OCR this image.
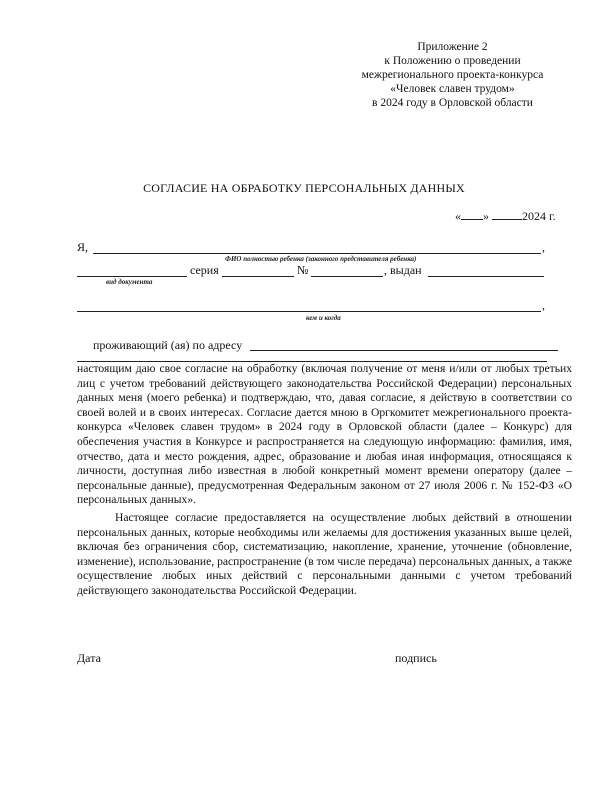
Приложение 2
к Положению о проведении
межрегионального проекта-конкурса
«Человек славен трудом»
в 2024 году в Орловской области
СОГЛАСИЕ НА ОБРАБОТКУ ПЕРСОНАЛЬНЫХ ДАННЫХ
« »	2024 г.
Я,	,
ФИО полностью ребенка (законного представителя ребенка)
серия	№	, выдан
вид документа
,
кем и когда
проживающий (ая) по адресу

настоящим даю свое согласие на обработку (включая получение от меня и/или от любых третьих лиц с учетом требований действующего законодательства Российской Федерации) персональных данных меня (моего ребенка) и подтверждаю, что, давая согласие, я действую в соответствии со своей волей и в своих интересах. Согласие дается мною в Оргкомитет межрегионального проекта-конкурса «Человек славен трудом» в 2024 году в Орловской области (далее – Конкурс) для обеспечения участия в Конкурсе и распространяется на следующую информацию: фамилия, имя, отчество, дата и место рождения, адрес, образование и любая иная информация, относящаяся к личности, доступная либо известная в любой конкретный момент времени оператору (далее – персональные данные), предусмотренная Федеральным законом от 27 июля 2006 г. № 152-ФЗ «О персональных данных».

Настоящее согласие предоставляется на осуществление любых действий в отношении персональных данных, которые необходимы или желаемы для достижения указанных выше целей, включая без ограничения сбор, систематизацию, накопление, хранение, уточнение (обновление, изменение), использование, распространение (в том числе передача) персональных данных, а также осуществление любых иных действий с персональными данными с учетом требований действующего законодательства Российской Федерации.

Дата	подпись
